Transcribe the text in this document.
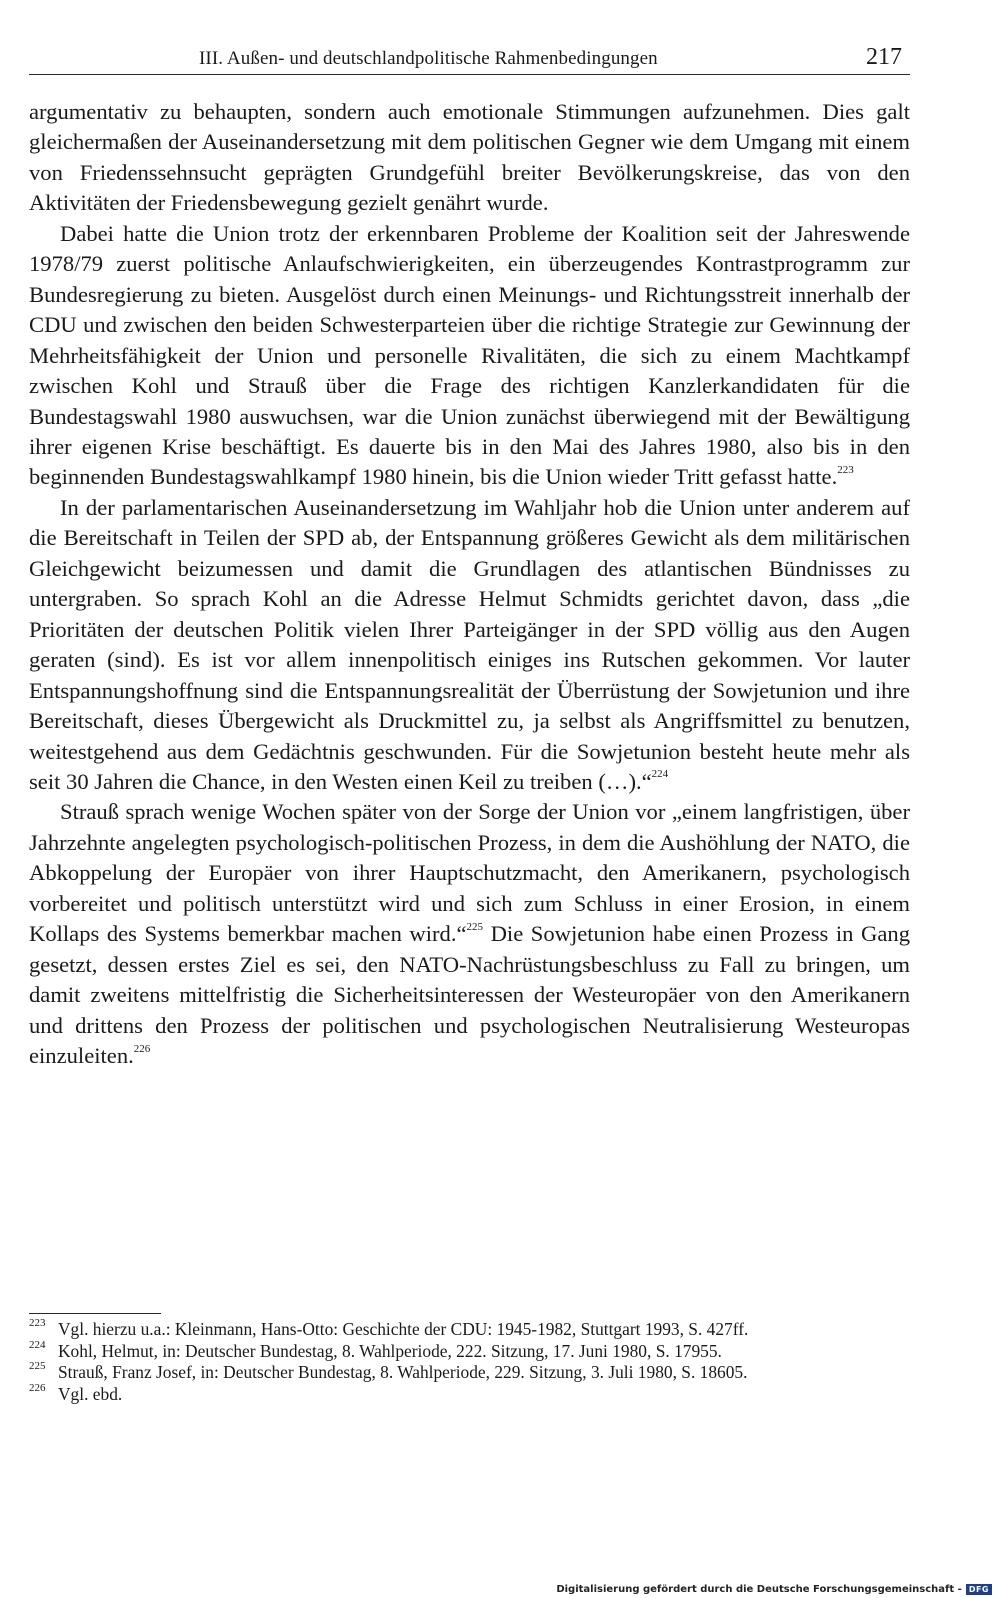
III. Außen- und deutschlandpolitische Rahmenbedingungen	217

argumentativ zu behaupten, sondern auch emotionale Stimmungen aufzunehmen. Dies galt gleichermaßen der Auseinandersetzung mit dem politischen Gegner wie dem Umgang mit einem von Friedenssehnsucht geprägten Grundgefühl breiter Bevölkerungskreise, das von den Aktivitäten der Friedensbewegung gezielt genährt wurde.

Dabei hatte die Union trotz der erkennbaren Probleme der Koalition seit der Jahreswende 1978/79 zuerst politische Anlaufschwierigkeiten, ein überzeugendes Kontrastprogramm zur Bundesregierung zu bieten. Ausgelöst durch einen Meinungs- und Richtungsstreit innerhalb der CDU und zwischen den beiden Schwesterparteien über die richtige Strategie zur Gewinnung der Mehrheitsfähigkeit der Union und personelle Rivalitäten, die sich zu einem Machtkampf zwischen Kohl und Strauß über die Frage des richtigen Kanzlerkandidaten für die Bundestagswahl 1980 auswuchsen, war die Union zunächst überwiegend mit der Bewältigung ihrer eigenen Krise beschäftigt. Es dauerte bis in den Mai des Jahres 1980, also bis in den beginnenden Bundestagswahlkampf 1980 hinein, bis die Union wieder Tritt gefasst hatte.$^{223}$

In der parlamentarischen Auseinandersetzung im Wahljahr hob die Union unter anderem auf die Bereitschaft in Teilen der SPD ab, der Entspannung größeres Gewicht als dem militärischen Gleichgewicht beizumessen und damit die Grundlagen des atlantischen Bündnisses zu untergraben. So sprach Kohl an die Adresse Helmut Schmidts gerichtet davon, dass „die Prioritäten der deutschen Politik vielen Ihrer Parteigänger in der SPD völlig aus den Augen geraten (sind). Es ist vor allem innenpolitisch einiges ins Rutschen gekommen. Vor lauter Entspannungshoffnung sind die Entspannungsrealität der Überrüstung der Sowjetunion und ihre Bereitschaft, dieses Übergewicht als Druckmittel zu, ja selbst als Angriffsmittel zu benutzen, weitestgehend aus dem Gedächtnis geschwunden. Für die Sowjetunion besteht heute mehr als seit 30 Jahren die Chance, in den Westen einen Keil zu treiben (…).“$^{224}$

Strauß sprach wenige Wochen später von der Sorge der Union vor „einem langfristigen, über Jahrzehnte angelegten psychologisch-politischen Prozess, in dem die Aushöhlung der NATO, die Abkoppelung der Europäer von ihrer Hauptschutzmacht, den Amerikanern, psychologisch vorbereitet und politisch unterstützt wird und sich zum Schluss in einer Erosion, in einem Kollaps des Systems bemerkbar machen wird.“$^{225}$ Die Sowjetunion habe einen Prozess in Gang gesetzt, dessen erstes Ziel es sei, den NATO-Nachrüstungsbeschluss zu Fall zu bringen, um damit zweitens mittelfristig die Sicherheitsinteressen der Westeuropäer von den Amerikanern und drittens den Prozess der politischen und psychologischen Neutralisierung Westeuropas einzuleiten.$^{226}$

223 Vgl. hierzu u.a.: Kleinmann, Hans-Otto: Geschichte der CDU: 1945-1982, Stuttgart 1993, S. 427ff.

224 Kohl, Helmut, in: Deutscher Bundestag, 8. Wahlperiode, 222. Sitzung, 17. Juni 1980, S. 17955.

225 Strauß, Franz Josef, in: Deutscher Bundestag, 8. Wahlperiode, 229. Sitzung, 3. Juli 1980, S. 18605.

226 Vgl. ebd.

Digitalisierung gefördert durch die Deutsche Forschungsgemeinschaft - DFG
